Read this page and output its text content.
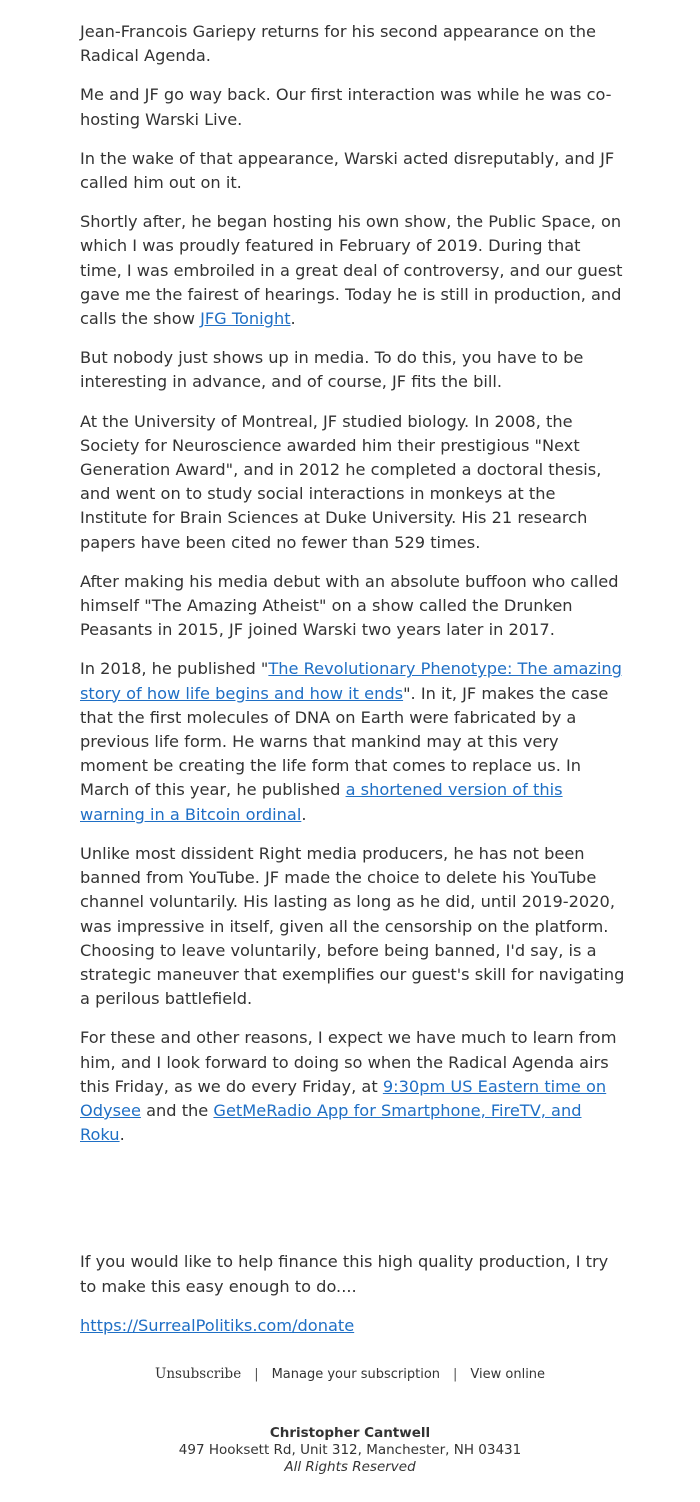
Jean-Francois Gariepy returns for his second appearance on the Radical Agenda.

Me and JF go way back. Our first interaction was while he was co-hosting Warski Live.

In the wake of that appearance, Warski acted disreputably, and JF called him out on it.

Shortly after, he began hosting his own show, the Public Space, on which I was proudly featured in February of 2019. During that time, I was embroiled in a great deal of controversy, and our guest gave me the fairest of hearings. Today he is still in production, and calls the show JFG Tonight.

But nobody just shows up in media. To do this, you have to be interesting in advance, and of course, JF fits the bill.

At the University of Montreal, JF studied biology. In 2008, the Society for Neuroscience awarded him their prestigious "Next Generation Award", and in 2012 he completed a doctoral thesis, and went on to study social interactions in monkeys at the Institute for Brain Sciences at Duke University. His 21 research papers have been cited no fewer than 529 times.

After making his media debut with an absolute buffoon who called himself "The Amazing Atheist" on a show called the Drunken Peasants in 2015, JF joined Warski two years later in 2017.

In 2018, he published "The Revolutionary Phenotype: The amazing story of how life begins and how it ends". In it, JF makes the case that the first molecules of DNA on Earth were fabricated by a previous life form. He warns that mankind may at this very moment be creating the life form that comes to replace us. In March of this year, he published a shortened version of this warning in a Bitcoin ordinal.

Unlike most dissident Right media producers, he has not been banned from YouTube. JF made the choice to delete his YouTube channel voluntarily. His lasting as long as he did, until 2019-2020, was impressive in itself, given all the censorship on the platform. Choosing to leave voluntarily, before being banned, I'd say, is a strategic maneuver that exemplifies our guest's skill for navigating a perilous battlefield.

For these and other reasons, I expect we have much to learn from him, and I look forward to doing so when the Radical Agenda airs this Friday, as we do every Friday, at 9:30pm US Eastern time on Odysee and the GetMeRadio App for Smartphone, FireTV, and Roku.

If you would like to help finance this high quality production, I try to make this easy enough to do....

https://SurrealPolitiks.com/donate

Unsubscribe | Manage your subscription | View online
Christopher Cantwell
497 Hooksett Rd, Unit 312, Manchester, NH 03431
All Rights Reserved
